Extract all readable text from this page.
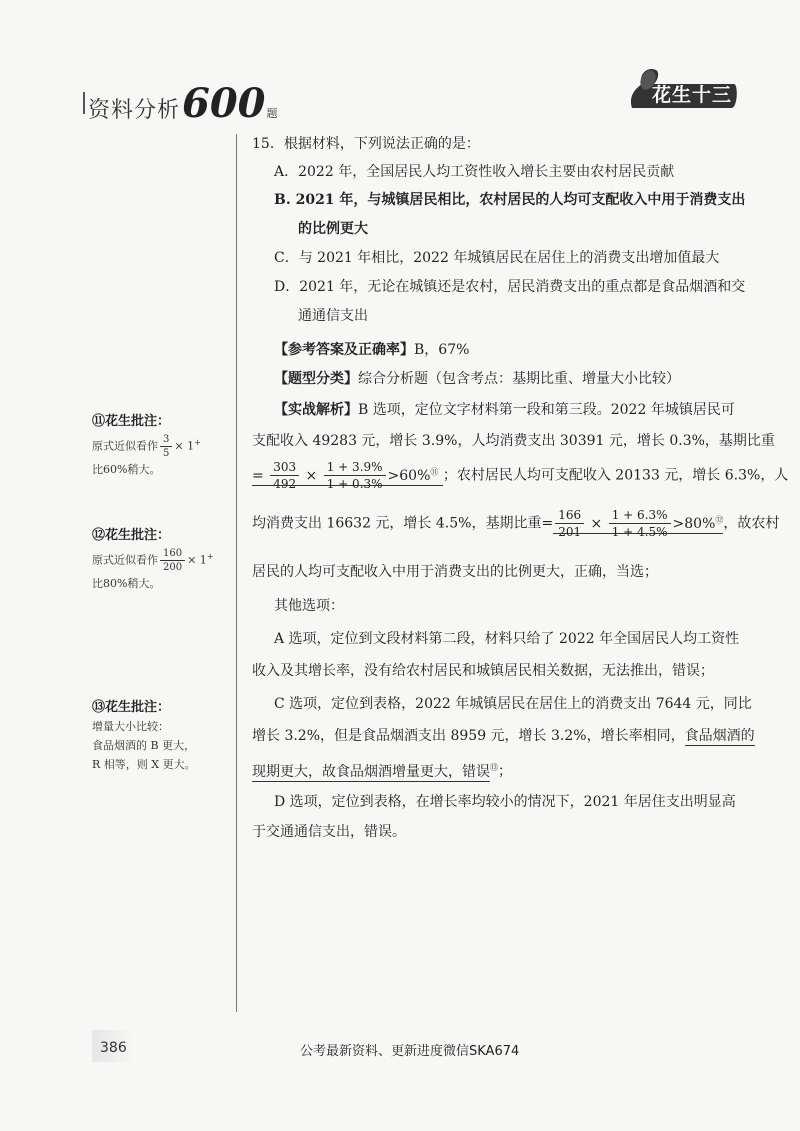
资料分析 600 题
花生十三
15．根据材料，下列说法正确的是：
A．2022 年，全国居民人均工资性收入增长主要由农村居民贡献
B. 2021 年，与城镇居民相比，农村居民的人均可支配收入中用于消费支出
的比例更大
C．与 2021 年相比，2022 年城镇居民在居住上的消费支出增加值最大
D．2021 年，无论在城镇还是农村，居民消费支出的重点都是食品烟酒和交
通通信支出
【参考答案及正确率】B，67%
【题型分类】综合分析题（包含考点：基期比重、增量大小比较）
【实战解析】B 选项，定位文字材料第一段和第三段。2022 年城镇居民可
支配收入 49283 元，增长 3.9%，人均消费支出 30391 元，增长 0.3%，基期比重
= $\frac{303}{492} \times \frac{1 + 3.9\%}{1 + 0.3\%} >60\%^⑪$ ；农村居民人均可支配收入 20133 元，增长 6.3%，人
均消费支出 16632 元，增长 4.5%，基期比重= $\frac{166}{201} \times \frac{1 + 6.3\%}{1 + 4.5\%} >80\%^⑫$，故农村
居民的人均可支配收入中用于消费支出的比例更大，正确，当选；
其他选项：
A 选项，定位到文段材料第二段，材料只给了 2022 年全国居民人均工资性
收入及其增长率，没有给农村居民和城镇居民相关数据，无法推出，错误；
C 选项，定位到表格，2022 年城镇居民在居住上的消费支出 7644 元，同比
增长 3.2%，但是食品烟酒支出 8959 元，增长 3.2%，增长率相同，食品烟酒的
现期更大，故食品烟酒增量更大，错误⑬；
D 选项，定位到表格，在增长率均较小的情况下，2021 年居住支出明显高
于交通通信支出，错误。
⑪花生批注：
原式近似看作 $\frac{3}{5} \times 1^+$
比60%稍大。
⑫花生批注：
原式近似看作 $\frac{160}{200} \times 1^+$
比80%稍大。
⑬花生批注：
增量大小比较：
食品烟酒的 B 更大，
R 相等，则 X 更大。
386	公考最新资料、更新进度微信SKA674
